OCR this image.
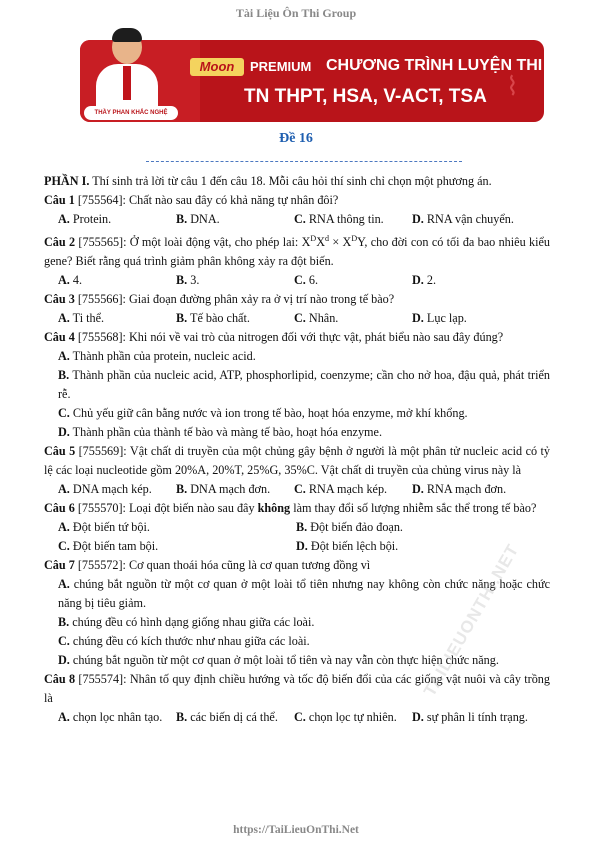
Tài Liệu Ôn Thi Group
THẦY PHAN KHẮC NGHỆ
Moon	PREMIUM CHƯƠNG TRÌNH LUYỆN THI
TN THPT, HSA, V-ACT, TSA ⌇
Đề 16

PHẦN I. Thí sinh trả lời từ câu 1 đến câu 18. Mỗi câu hỏi thí sinh chỉ chọn một phương án.

Câu 1 [755564]: Chất nào sau đây có khả năng tự nhân đôi?

A. Protein.	B. DNA.	C. RNA thông tin.	D. RNA vận chuyển.

Câu 2 [755565]: Ở một loài động vật, cho phép lai: $X^DX^d \times X^DY$, cho đời con có tối đa bao nhiêu kiểu gene? Biết rằng quá trình giảm phân không xảy ra đột biến.

A. 4.	B. 3.	C. 6.	D. 2.

Câu 3 [755566]: Giai đoạn đường phân xảy ra ở vị trí nào trong tế bào?

A. Ti thể.	B. Tế bào chất.	C. Nhân.	D. Lục lạp.

Câu 4 [755568]: Khi nói về vai trò của nitrogen đối với thực vật, phát biểu nào sau đây đúng?

A. Thành phần của protein, nucleic acid.

B. Thành phần của nucleic acid, ATP, phosphorlipid, coenzyme; cần cho nở hoa, đậu quả, phát triển rễ.

C. Chủ yếu giữ cân bằng nước và ion trong tế bào, hoạt hóa enzyme, mở khí khổng.

D. Thành phần của thành tế bào và màng tế bào, hoạt hóa enzyme.

Câu 5 [755569]: Vật chất di truyền của một chủng gây bệnh ở người là một phân tử nucleic acid có tỷ lệ các loại nucleotide gồm 20%A, 20%T, 25%G, 35%C. Vật chất di truyền của chủng virus này là

A. DNA mạch kép.	B. DNA mạch đơn.	C. RNA mạch kép.	D. RNA mạch đơn.

Câu 6 [755570]: Loại đột biến nào sau đây không làm thay đổi số lượng nhiễm sắc thể trong tế bào?

A. Đột biến tứ bội.	B. Đột biến đảo đoạn.
C. Đột biến tam bội.	D. Đột biến lệch bội.

Câu 7 [755572]: Cơ quan thoái hóa cũng là cơ quan tương đồng vì

A. chúng bắt nguồn từ một cơ quan ở một loài tổ tiên nhưng nay không còn chức năng hoặc chức năng bị tiêu giảm.

B. chúng đều có hình dạng giống nhau giữa các loài.

C. chúng đều có kích thước như nhau giữa các loài.

D. chúng bắt nguồn từ một cơ quan ở một loài tổ tiên và nay vẫn còn thực hiện chức năng.

Câu 8 [755574]: Nhân tố quy định chiều hướng và tốc độ biến đổi của các giống vật nuôi và cây trồng là

A. chọn lọc nhân tạo.	B. các biến dị cá thể.	C. chọn lọc tự nhiên.	D. sự phân li tính trạng.
TAILIEUONTHI.NET
https://TaiLieuOnThi.Net
